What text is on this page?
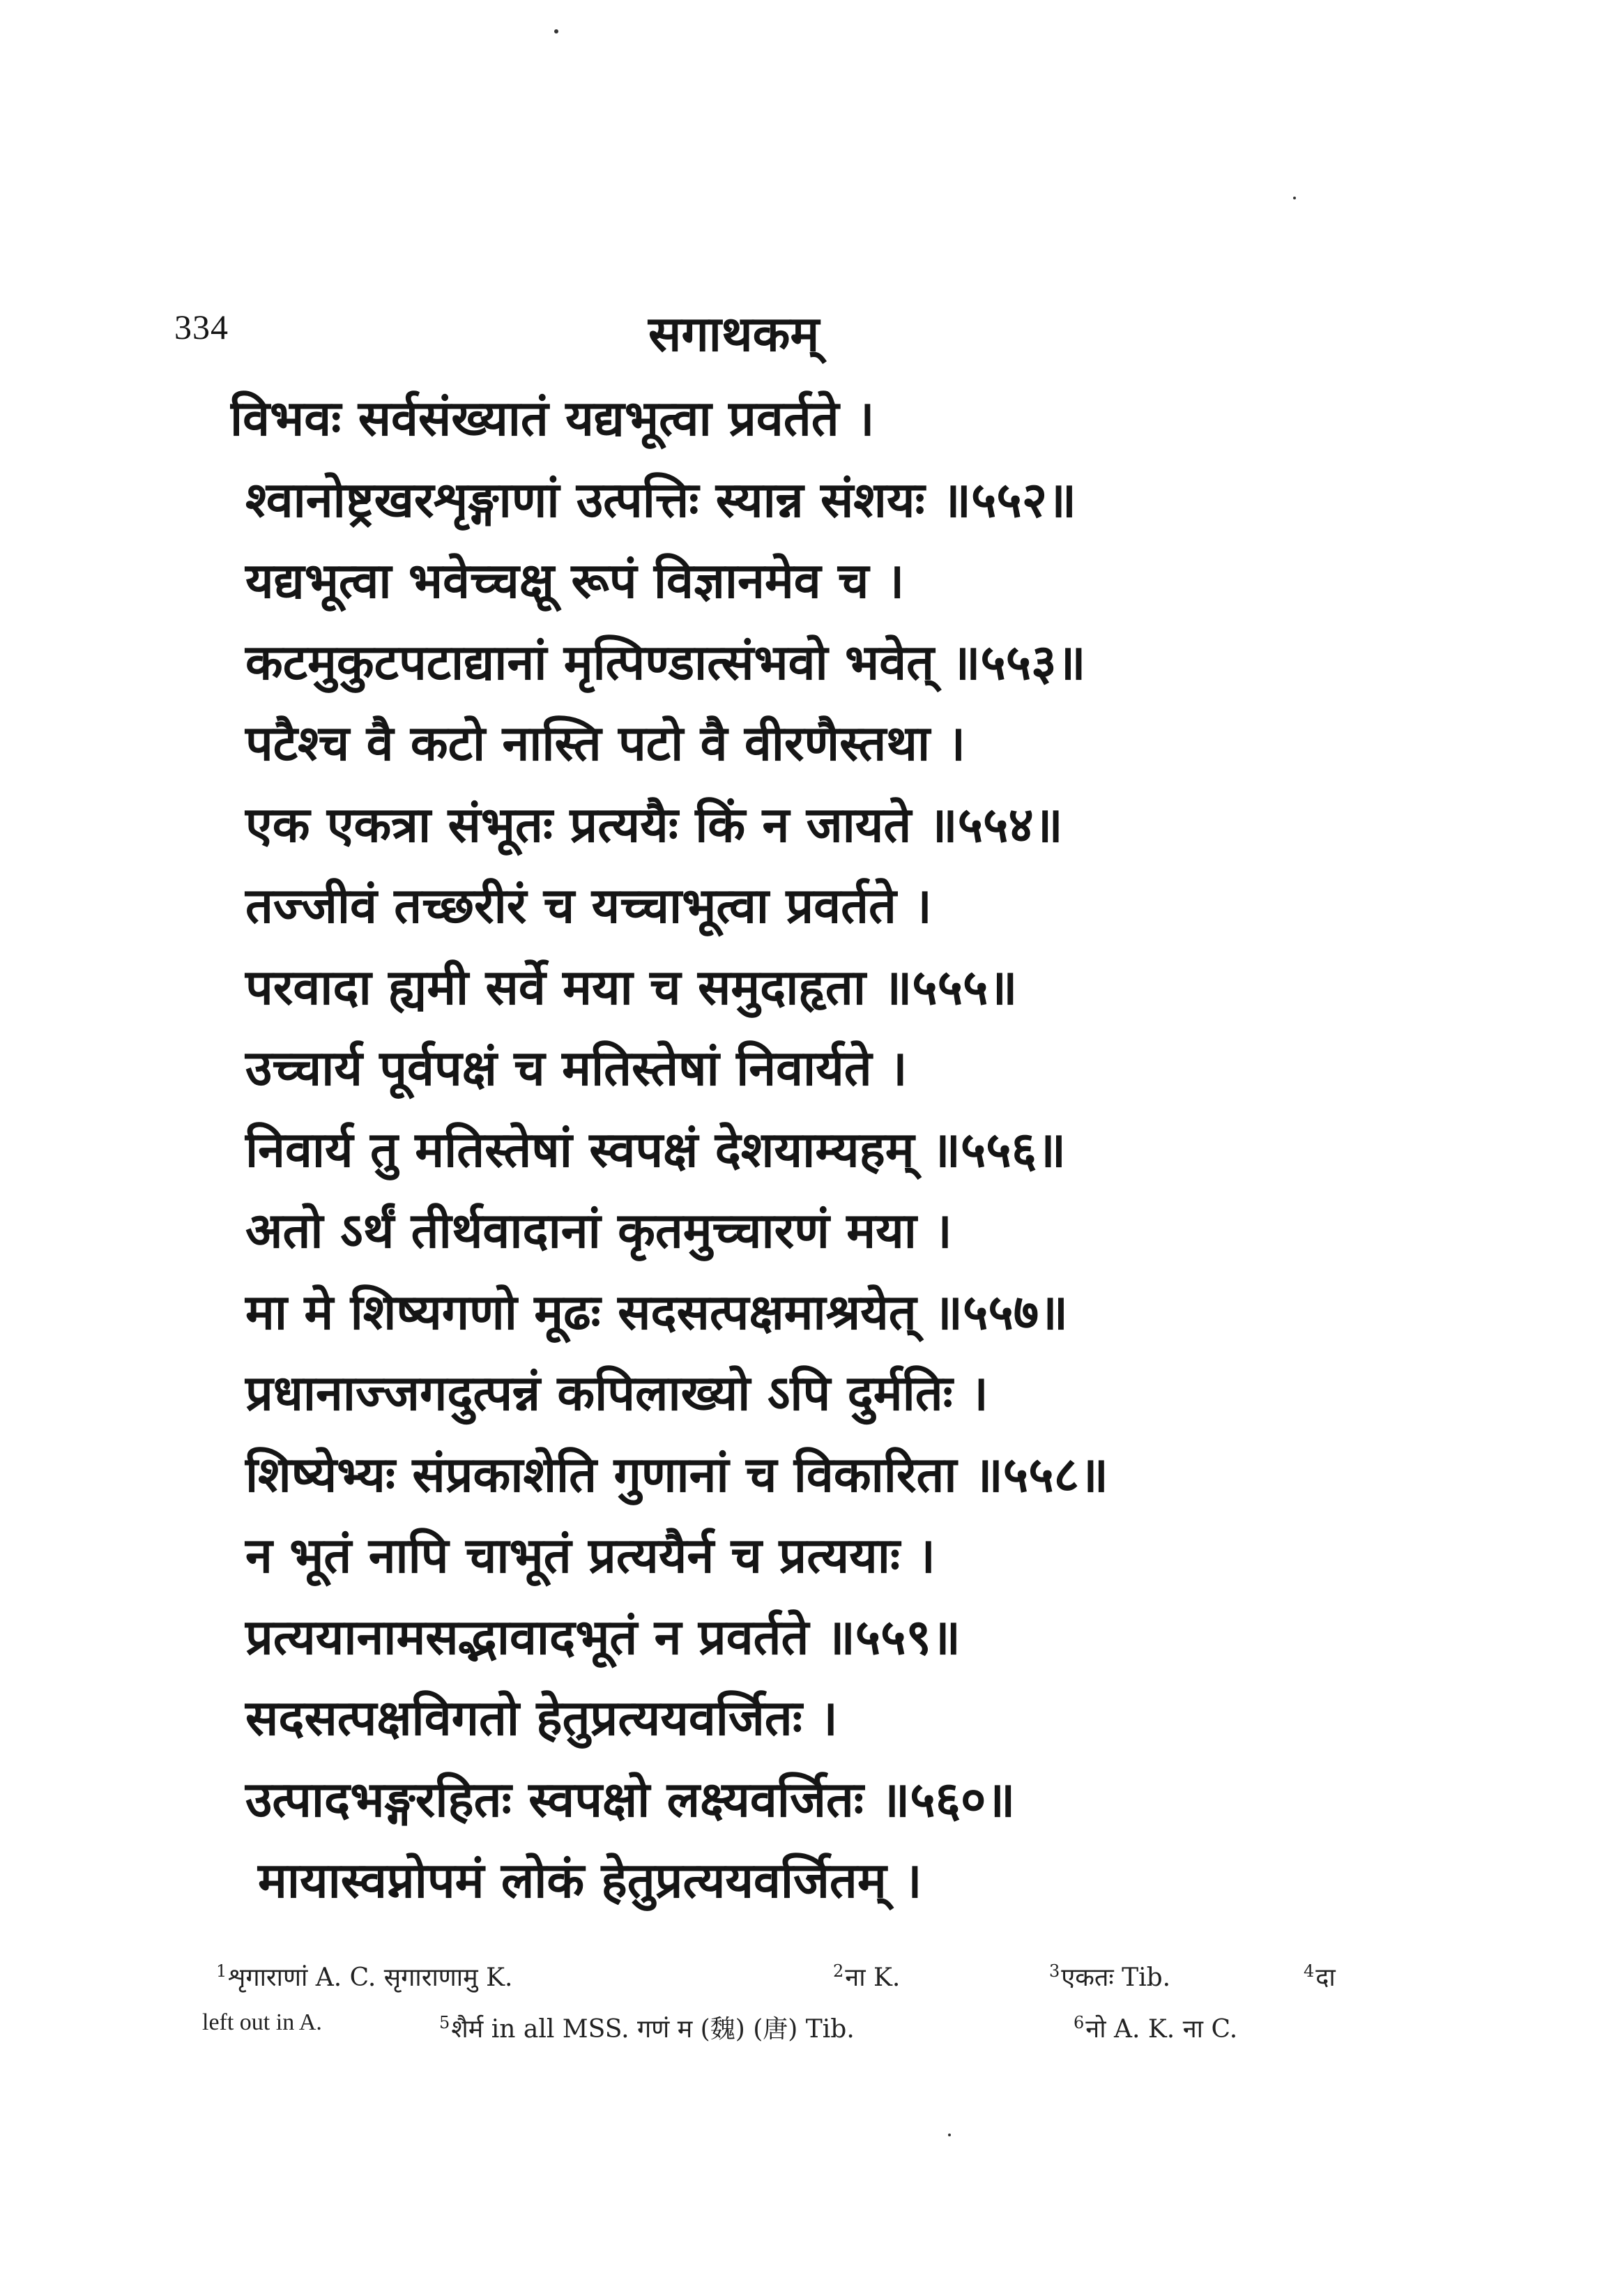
334	सगाथकम्
विभवः सर्वसंख्यातं यद्यभूत्वा प्रवर्तते ।
श्वानोष्ट्रखरशृङ्गाणां उत्पत्तिः स्यान्न संशयः ॥५५२॥
यद्यभूत्वा भवेच्चक्षू रूपं विज्ञानमेव च ।
कटमुकुटपटाद्यानां मृत्पिण्डात्संभवो भवेत् ॥५५३॥
पटैश्च वै कटो नास्ति पटो वै वीरणैस्तथा ।
एक एकत्रा संभूतः प्रत्ययैः किं न जायते ॥५५४॥
तज्जीवं तच्छरीरं च यच्चाभूत्वा प्रवर्तते ।
परवादा ह्यमी सर्वे मया च समुदाहृता ॥५५५॥
उच्चार्य पूर्वपक्षं च मतिस्तेषां निवार्यते ।
निवार्य तु मतिस्तेषां स्वपक्षं देशयाम्यहम् ॥५५६॥
अतो ऽर्थं तीर्थवादानां कृतमुच्चारणं मया ।
मा मे शिष्यगणो मूढः सदसत्पक्षमाश्रयेत् ॥५५७॥
प्रधानाज्जगदुत्पन्नं कपिलाख्यो ऽपि दुर्मतिः ।
शिष्येभ्यः संप्रकाशेति गुणानां च विकारिता ॥५५८॥
न भूतं नापि चाभूतं प्रत्ययैर्न च प्रत्ययाः ।
प्रत्ययानामसद्भावादभूतं न प्रवर्तते ॥५५९॥
सदसत्पक्षविगतो हेतुप्रत्ययवर्जितः ।
उत्पादभङ्गरहितः स्वपक्षो लक्ष्यवर्जितः ॥५६०॥
मायास्वप्नोपमं लोकं हेतुप्रत्ययवर्जितम् ।
$^1$शृगाराणां A. C. सृगाराणामु K.	$^2$ना K.	$^3$एकतः Tib.	$^4$दा
left out in A.	$^5$शैर्म in all MSS. गणं म (魏) (唐) Tib.	$^6$नो A. K. ना C.
